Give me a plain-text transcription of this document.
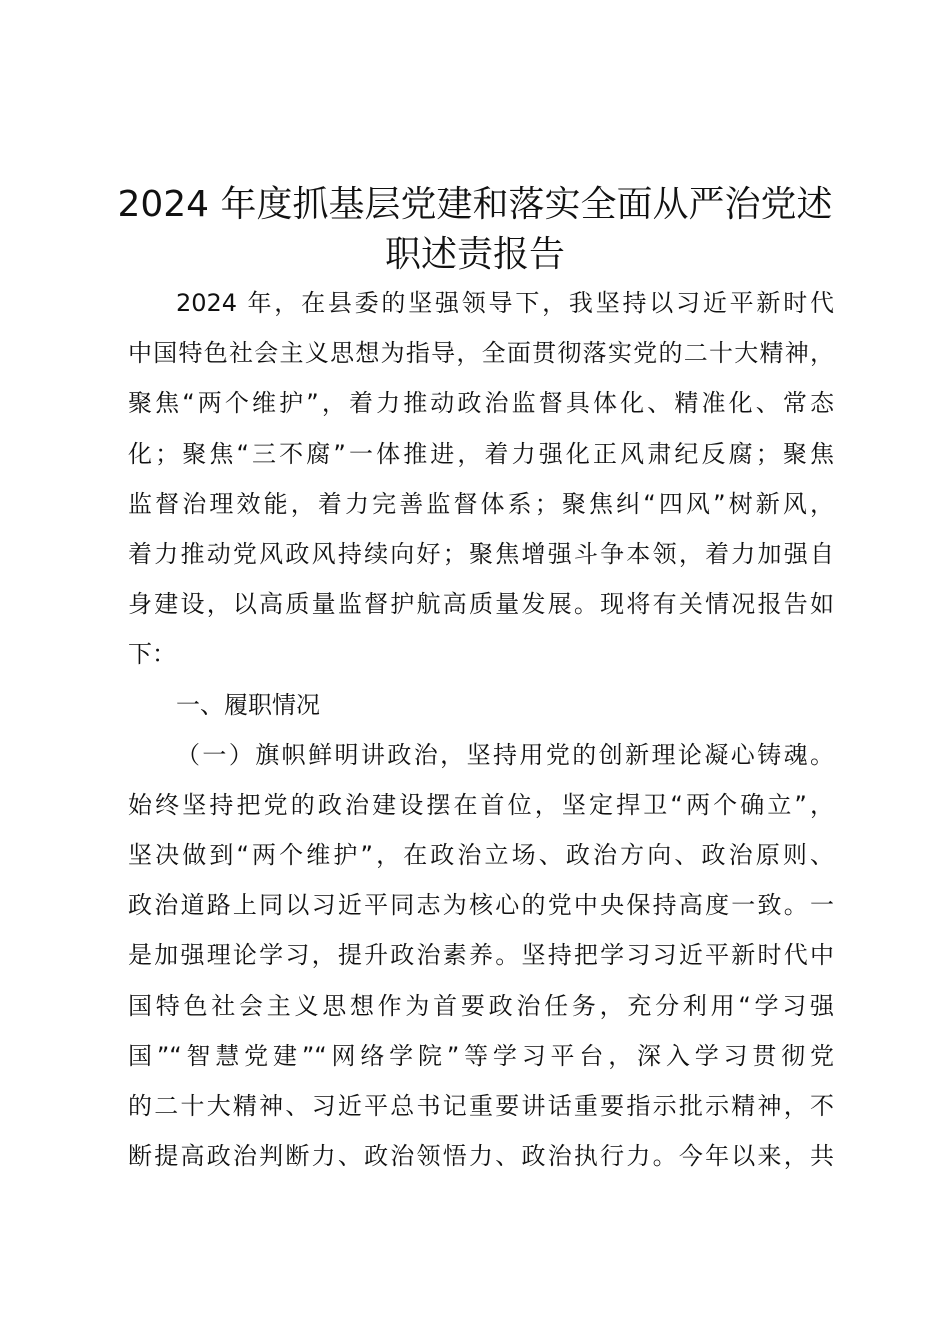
2024 年度抓基层党建和落实全面从严治党述
职述责报告
2024 年，在县委的坚强领导下，我坚持以习近平新时代
中国特色社会主义思想为指导，全面贯彻落实党的二十大精神，
聚焦“两个维护”，着力推动政治监督具体化、精准化、常态
化；聚焦“三不腐”一体推进，着力强化正风肃纪反腐；聚焦
监督治理效能，着力完善监督体系；聚焦纠“四风”树新风，
着力推动党风政风持续向好；聚焦增强斗争本领，着力加强自
身建设，以高质量监督护航高质量发展。现将有关情况报告如
下：
一、履职情况
（一）旗帜鲜明讲政治，坚持用党的创新理论凝心铸魂。
始终坚持把党的政治建设摆在首位，坚定捍卫“两个确立”，
坚决做到“两个维护”，在政治立场、政治方向、政治原则、
政治道路上同以习近平同志为核心的党中央保持高度一致。一
是加强理论学习，提升政治素养。坚持把学习习近平新时代中
国特色社会主义思想作为首要政治任务，充分利用“学习强
国”“智慧党建”“网络学院”等学习平台，深入学习贯彻党
的二十大精神、习近平总书记重要讲话重要指示批示精神，不
断提高政治判断力、政治领悟力、政治执行力。今年以来，共
